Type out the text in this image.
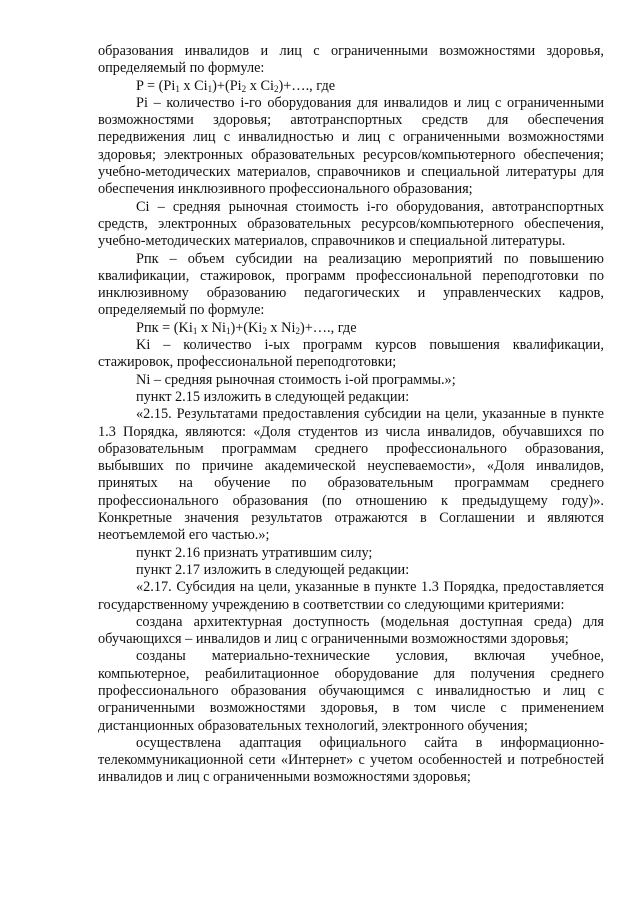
образования инвалидов и лиц с ограниченными возможностями здоровья, определяемый по формуле:

$P = (Pi_1$ x $Ci_1)+(Pi_2$ x $Ci_2)+\dots$., где

Pi – количество i-го оборудования для инвалидов и лиц с ограниченными возможностями здоровья; автотранспортных средств для обеспечения передвижения лиц с инвалидностью и лиц с ограниченными возможностями здоровья; электронных образовательных ресурсов/компьютерного обеспечения; учебно-методических материалов, справочников и специальной литературы для обеспечения инклюзивного профессионального образования;

Ci – средняя рыночная стоимость i-го оборудования, автотранспортных средств, электронных образовательных ресурсов/компьютерного обеспечения, учебно-методических материалов, справочников и специальной литературы.

Pпк – объем субсидии на реализацию мероприятий по повышению квалификации, стажировок, программ профессиональной переподготовки по инклюзивному образованию педагогических и управленческих кадров, определяемый по формуле:

Pпк = ($Ki_1$ x $Ni_1)+(Ki_2$ x $Ni_2)+\dots$., где

Ki – количество i-ых программ курсов повышения квалификации, стажировок, профессиональной переподготовки;

Ni – средняя рыночная стоимость i-ой программы.»;

пункт 2.15 изложить в следующей редакции:

«2.15. Результатами предоставления субсидии на цели, указанные в пункте 1.3 Порядка, являются: «Доля студентов из числа инвалидов, обучавшихся по образовательным программам среднего профессионального образования, выбывших по причине академической неуспеваемости», «Доля инвалидов, принятых на обучение по образовательным программам среднего профессионального образования (по отношению к предыдущему году)». Конкретные значения результатов отражаются в Соглашении и являются неотъемлемой его частью.»;

пункт 2.16 признать утратившим силу;

пункт 2.17 изложить в следующей редакции:

«2.17. Субсидия на цели, указанные в пункте 1.3 Порядка, предоставляется государственному учреждению в соответствии со следующими критериями:

создана архитектурная доступность (модельная доступная среда) для обучающихся – инвалидов и лиц с ограниченными возможностями здоровья;

созданы материально-технические условия, включая учебное, компьютерное, реабилитационное оборудование для получения среднего профессионального образования обучающимся с инвалидностью и лиц с ограниченными возможностями здоровья, в том числе с применением дистанционных образовательных технологий, электронного обучения;

осуществлена адаптация официального сайта в информационно-телекоммуникационной сети «Интернет» с учетом особенностей и потребностей инвалидов и лиц с ограниченными возможностями здоровья;
